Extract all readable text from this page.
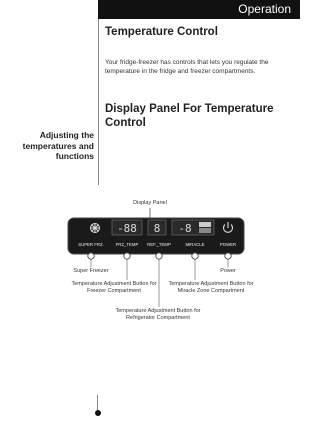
Operation
Adjusting the temperatures and functions
Temperature Control
Your fridge-freezer has controls that lets you regulate the temperature in the fridge and freezer compartments.
Display Panel For Temperature Control
Display Panel
-88 8 -8
SUPER FRZ.	FRZ_TEMP REF._TEMP	MIRACLE	POWER
Super Freezer	Power
Temperature Adjustment Button for Freezer Compartment
Temperature Adjustment Button for Miracle Zone Compartment
Temperature Adjustment Button for Refrigerator Compartment
